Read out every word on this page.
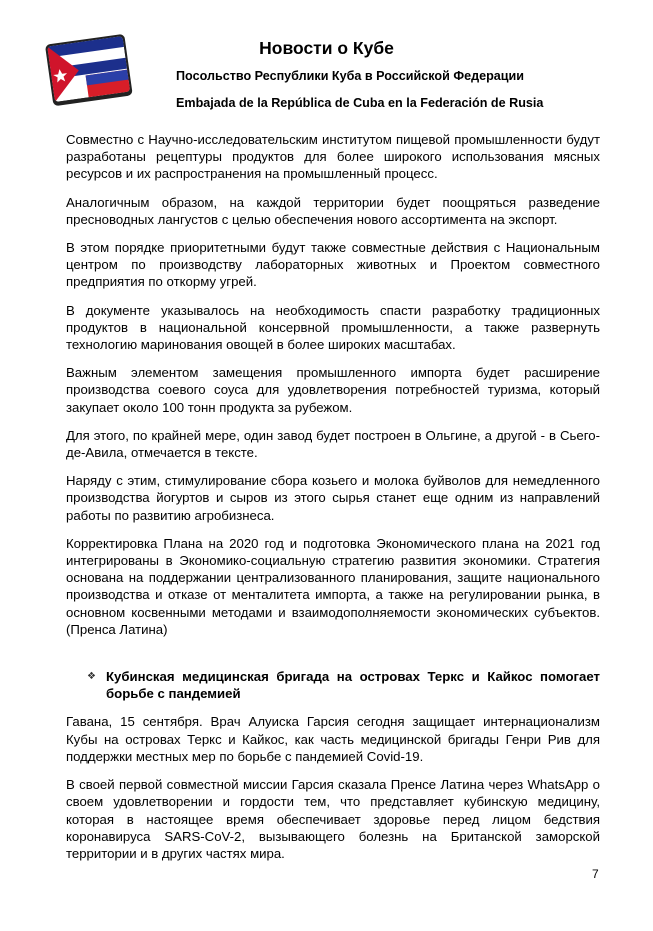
Новости о Кубе

Посольство Республики Куба в Российской Федерации

Embajada de la República de Cuba en la Federación de Rusia

Совместно с Научно-исследовательским институтом пищевой промышленности будут разработаны рецептуры продуктов для более широкого использования мясных ресурсов и их распространения на промышленный процесс.

Аналогичным образом, на каждой территории будет поощряться разведение пресноводных лангустов с целью обеспечения нового ассортимента на экспорт.

В этом порядке приоритетными будут также совместные действия с Национальным центром по производству лабораторных животных и Проектом совместного предприятия по откорму угрей.

В документе указывалось на необходимость спасти разработку традиционных продуктов в национальной консервной промышленности, а также развернуть технологию маринования овощей в более широких масштабах.

Важным элементом замещения промышленного импорта будет расширение производства соевого соуса для удовлетворения потребностей туризма, который закупает около 100 тонн продукта за рубежом.

Для этого, по крайней мере, один завод будет построен в Ольгине, а другой - в Сьего-де-Авила, отмечается в тексте.

Наряду с этим, стимулирование сбора козьего и молока буйволов для немедленного производства йогуртов и сыров из этого сырья станет еще одним из направлений работы по развитию агробизнеса.

Корректировка Плана на 2020 год и подготовка Экономического плана на 2021 год интегрированы в Экономико-социальную стратегию развития экономики. Стратегия основана на поддержании централизованного планирования, защите национального производства и отказе от менталитета импорта, а также на регулировании рынка, в основном косвенными методами и взаимодополняемости экономических субъектов. (Пренса Латина)

❖ Кубинская медицинская бригада на островах Теркс и Кайкос помогает борьбе с пандемией

Гавана, 15 сентября. Врач Алуиска Гарсия сегодня защищает интернационализм Кубы на островах Теркс и Кайкос, как часть медицинской бригады Генри Рив для поддержки местных мер по борьбе с пандемией Covid-19.

В своей первой совместной миссии Гарсия сказала Пренсе Латина через WhatsApp о своем удовлетворении и гордости тем, что представляет кубинскую медицину, которая в настоящее время обеспечивает здоровье перед лицом бедствия коронавируса SARS-CoV-2, вызывающего болезнь на Британской заморской территории и в других частях мира.

7
